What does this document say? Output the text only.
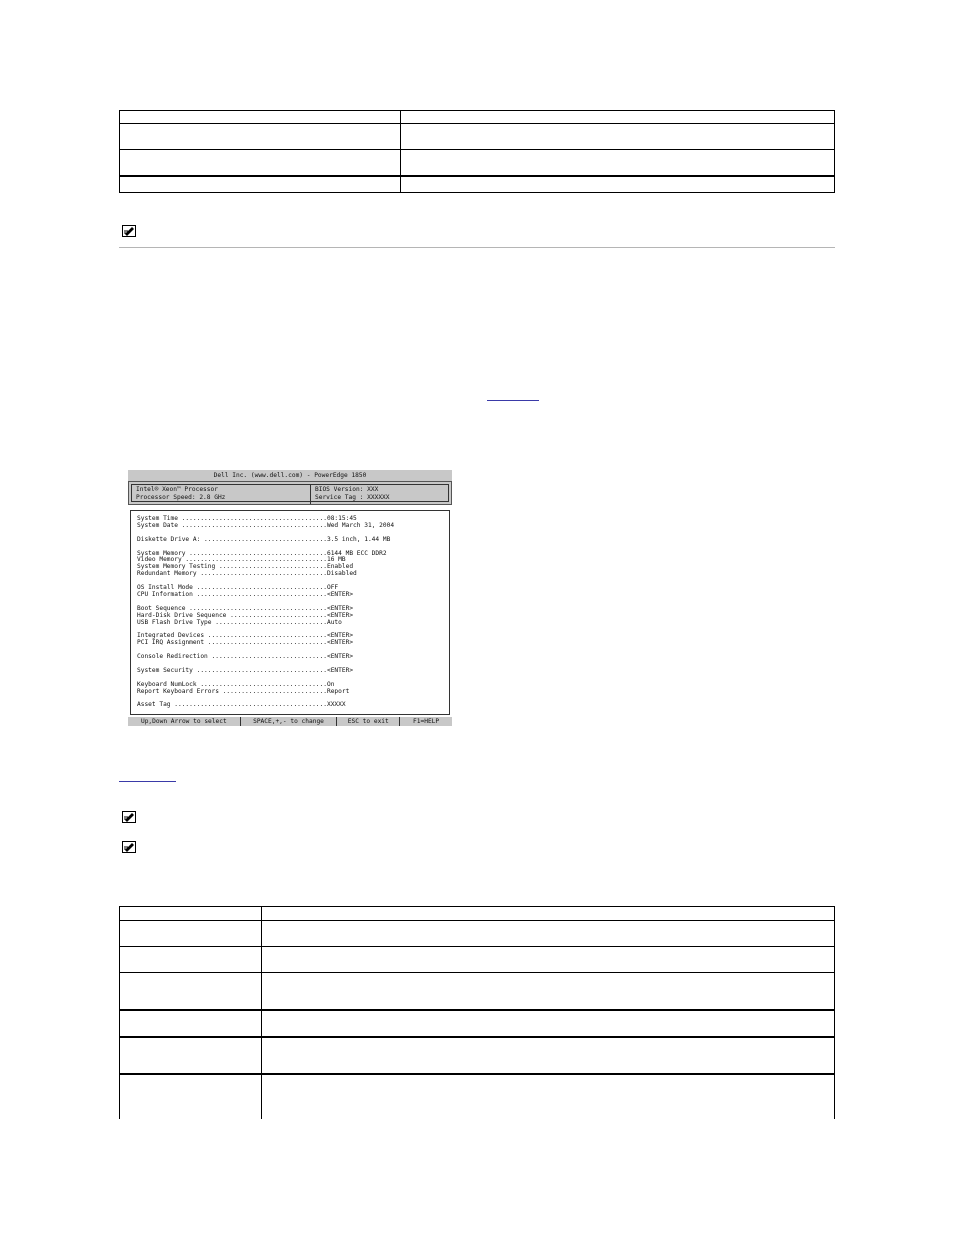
Dell Inc. (www.dell.com) - PowerEdge 1850
Intel® Xeon™ Processor
Processor Speed: 2.8 GHz
BIOS Version: XXX
Service Tag : XXXXXX
System Time .......................................08:15:45
System Date .......................................Wed March 31, 2004
Diskette Drive A: .................................3.5 inch, 1.44 MB
System Memory .....................................6144 MB ECC DDR2
Video Memory ......................................16 MB
System Memory Testing .............................Enabled
Redundant Memory ..................................Disabled
OS Install Mode ...................................OFF
CPU Information ...................................<ENTER>
Boot Sequence .....................................<ENTER>
Hard-Disk Drive Sequence ..........................<ENTER>
USB Flash Drive Type ..............................Auto
Integrated Devices ................................<ENTER>
PCI IRQ Assignment ................................<ENTER>
Console Redirection ...............................<ENTER>
System Security ...................................<ENTER>
Keyboard NumLock ..................................On
Report Keyboard Errors ............................Report
Asset Tag .........................................XXXXX
Up,Down Arrow to select	SPACE,+,- to change	ESC to exit	F1=HELP
